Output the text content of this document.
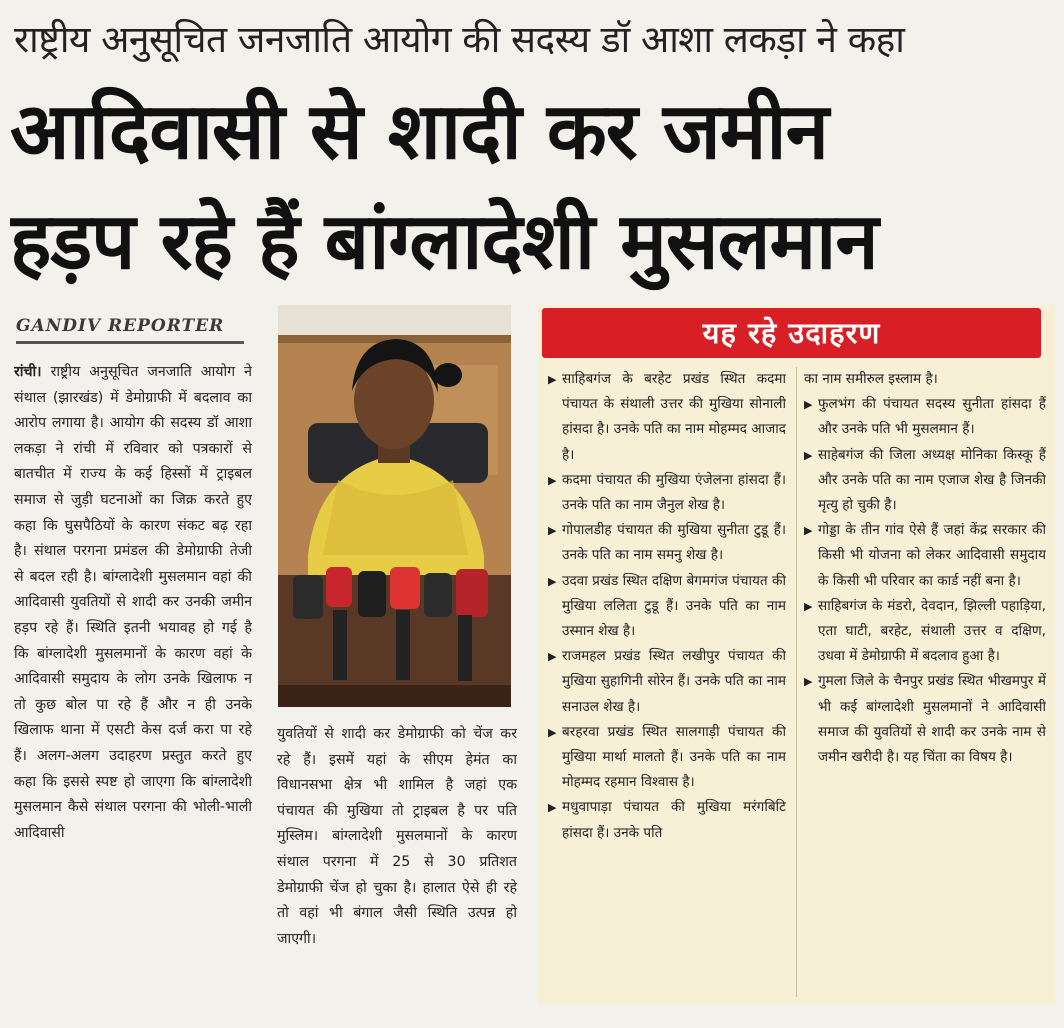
राष्ट्रीय अनुसूचित जनजाति आयोग की सदस्य डॉ आशा लकड़ा ने कहा
आदिवासी से शादी कर जमीन
हड़प रहे हैं बांग्लादेशी मुसलमान
GANDIV REPORTER
रांची। राष्ट्रीय अनुसूचित जनजाति आयोग ने संथाल (झारखंड) में डेमोग्राफी में बदलाव का आरोप लगाया है। आयोग की सदस्य डॉ आशा लकड़ा ने रांची में रविवार को पत्रकारों से बातचीत में राज्य के कई हिस्सों में ट्राइबल समाज से जुड़ी घटनाओं का जिक्र करते हुए कहा कि घुसपैठियों के कारण संकट बढ़ रहा है। संथाल परगना प्रमंडल की डेमोग्राफी तेजी से बदल रही है। बांग्लादेशी मुसलमान वहां की आदिवासी युवतियों से शादी कर उनकी जमीन हड़प रहे हैं। स्थिति इतनी भयावह हो गई है कि बांग्लादेशी मुसलमानों के कारण वहां के आदिवासी समुदाय के लोग उनके खिलाफ न तो कुछ बोल पा रहे हैं और न ही उनके खिलाफ थाना में एसटी केस दर्ज करा पा रहे हैं। अलग-अलग उदाहरण प्रस्तुत करते हुए कहा कि इससे स्पष्ट हो जाएगा कि बांग्लादेशी मुसलमान कैसे संथाल परगना की भोली-भाली आदिवासी
युवतियों से शादी कर डेमोग्राफी को चेंज कर रहे हैं। इसमें यहां के सीएम हेमंत का विधानसभा क्षेत्र भी शामिल है जहां एक पंचायत की मुखिया तो ट्राइबल है पर पति मुस्लिम। बांग्लादेशी मुसलमानों के कारण संथाल परगना में 25 से 30 प्रतिशत डेमोग्राफी चेंज हो चुका है। हालात ऐसे ही रहे तो वहां भी बंगाल जैसी स्थिति उत्पन्न हो जाएगी।
यह रहे उदाहरण

▶ साहिबगंज के बरहेट प्रखंड स्थित कदमा पंचायत के संथाली उत्तर की मुखिया सोनाली हांसदा है। उनके पति का नाम मोहम्मद आजाद है।

▶ कदमा पंचायत की मुखिया एंजेलना हांसदा हैं। उनके पति का नाम जैनुल शेख है।

▶ गोपालडीह पंचायत की मुखिया सुनीता टुडू हैं। उनके पति का नाम समनु शेख है।

▶ उदवा प्रखंड स्थित दक्षिण बेगमगंज पंचायत की मुखिया ललिता टुडू हैं। उनके पति का नाम उस्मान शेख है।

▶ राजमहल प्रखंड स्थित लखीपुर पंचायत की मुखिया सुहागिनी सोरेन हैं। उनके पति का नाम सनाउल शेख है।

▶ बरहरवा प्रखंड स्थित सालगाड़ी पंचायत की मुखिया मार्था मालतो हैं। उनके पति का नाम मोहम्मद रहमान विश्वास है।

▶ मधुवापाड़ा पंचायत की मुखिया मरंगबिटि हांसदा हैं। उनके पति

का नाम समीरुल इस्लाम है।

▶ फुलभंग की पंचायत सदस्य सुनीता हांसदा हैं और उनके पति भी मुसलमान हैं।

▶ साहेबगंज की जिला अध्यक्ष मोनिका किस्कू हैं और उनके पति का नाम एजाज शेख है जिनकी मृत्यु हो चुकी है।

▶ गोड्डा के तीन गांव ऐसे हैं जहां केंद्र सरकार की किसी भी योजना को लेकर आदिवासी समुदाय के किसी भी परिवार का कार्ड नहीं बना है।

▶ साहिबगंज के मंडरो, देवदान, झिल्ली पहाड़िया, एता घाटी, बरहेट, संथाली उत्तर व दक्षिण, उधवा में डेमोग्राफी में बदलाव हुआ है।

▶ गुमला जिले के चैनपुर प्रखंड स्थित भीखमपुर में भी कई बांग्लादेशी मुसलमानों ने आदिवासी समाज की युवतियों से शादी कर उनके नाम से जमीन खरीदी है। यह चिंता का विषय है।
